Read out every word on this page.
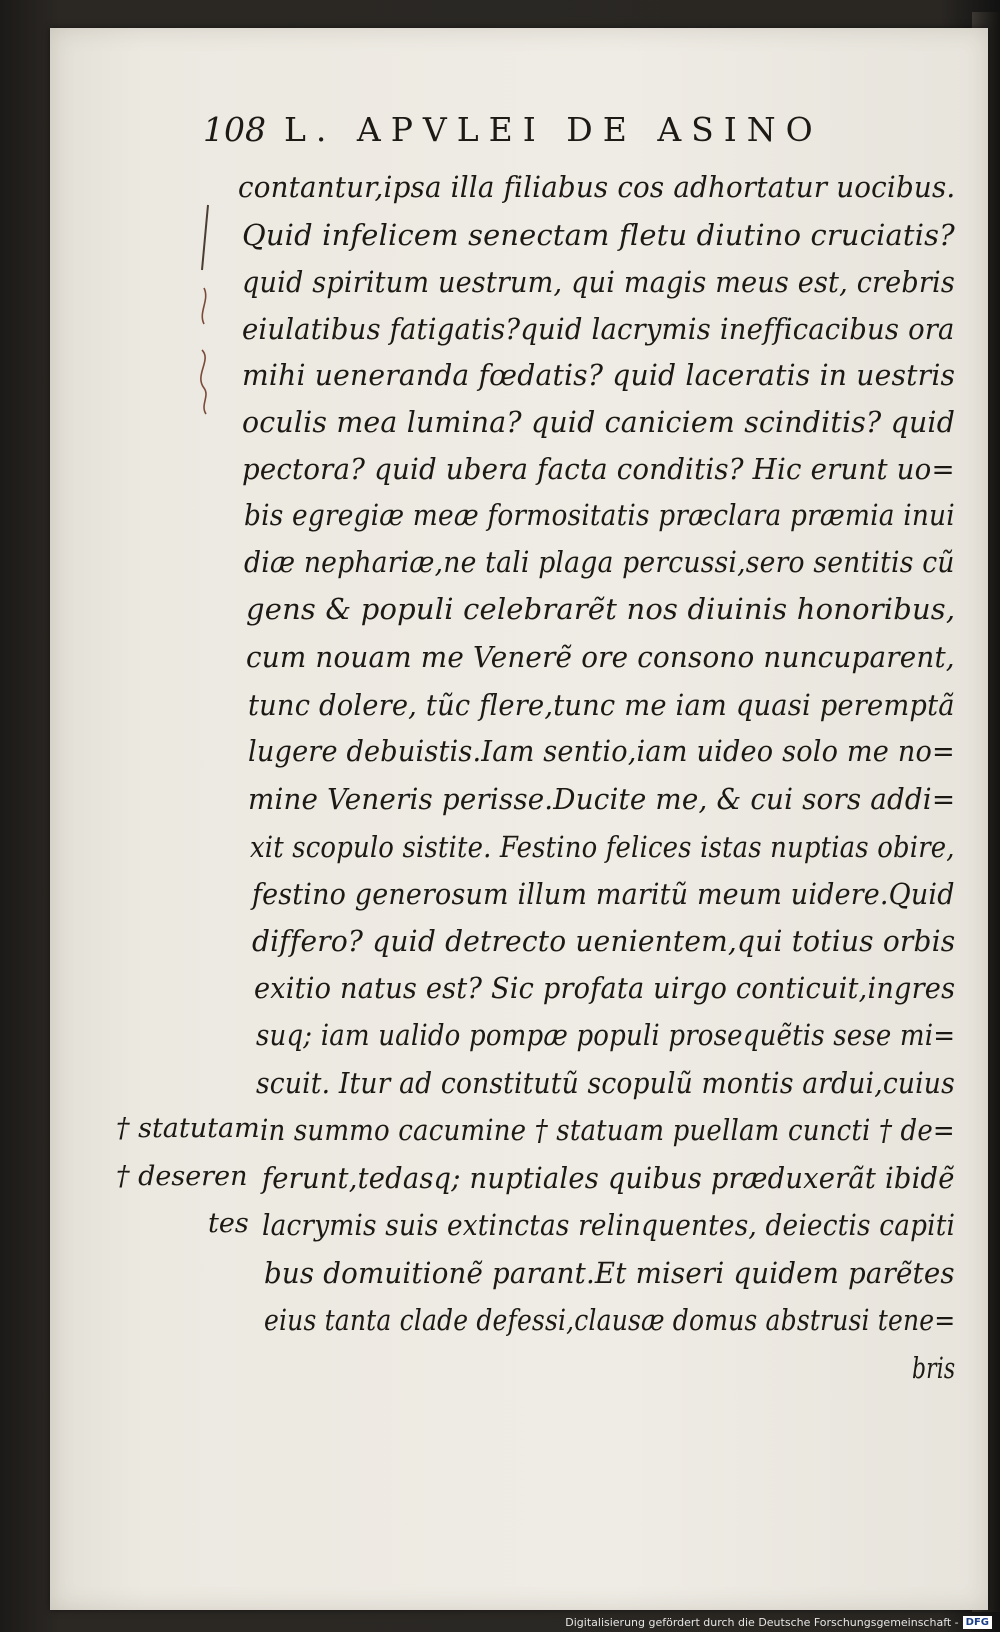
108 L. APVLEI DE ASINO
contantur,ipsa illa filiabus cos adhortatur uocibus.
Quid infelicem senectam fletu diutino cruciatis?
quid spiritum uestrum, qui magis meus est, crebris
eiulatibus fatigatis?quid lacrymis inefficacibus ora
mihi ueneranda fœdatis? quid laceratis in uestris
oculis mea lumina? quid caniciem scinditis? quid
pectora? quid ubera facta conditis? Hic erunt uo=
bis egregiæ meæ formositatis præclara præmia inui
diæ nephariæ,ne tali plaga percussi,sero sentitis cũ
gens & populi celebrarẽt nos diuinis honoribus,
cum nouam me Venerẽ ore consono nuncuparent,
tunc dolere, tũc flere,tunc me iam quasi peremptã
lugere debuistis.Iam sentio,iam uideo solo me no=
mine Veneris perisse.Ducite me, & cui sors addi=
xit scopulo sistite. Festino felices istas nuptias obire,
festino generosum illum maritũ meum uidere.Quid
differo? quid detrecto uenientem,qui totius orbis
exitio natus est? Sic profata uirgo conticuit,ingres
suq; iam ualido pompæ populi prosequẽtis sese mi=
scuit. Itur ad constitutũ scopulũ montis ardui,cuius
in summo cacumine † statuam puellam cuncti † de=
ferunt,tedasq; nuptiales quibus præduxerãt ibidẽ
lacrymis suis extinctas relinquentes, deiectis capiti
bus domuitionẽ parant.Et miseri quidem parẽtes
eius tanta clade defessi,clausæ domus abstrusi tene=
bris
† statutam
† deseren
tes
Digitalisierung gefördert durch die Deutsche Forschungsgemeinschaft - DFG
